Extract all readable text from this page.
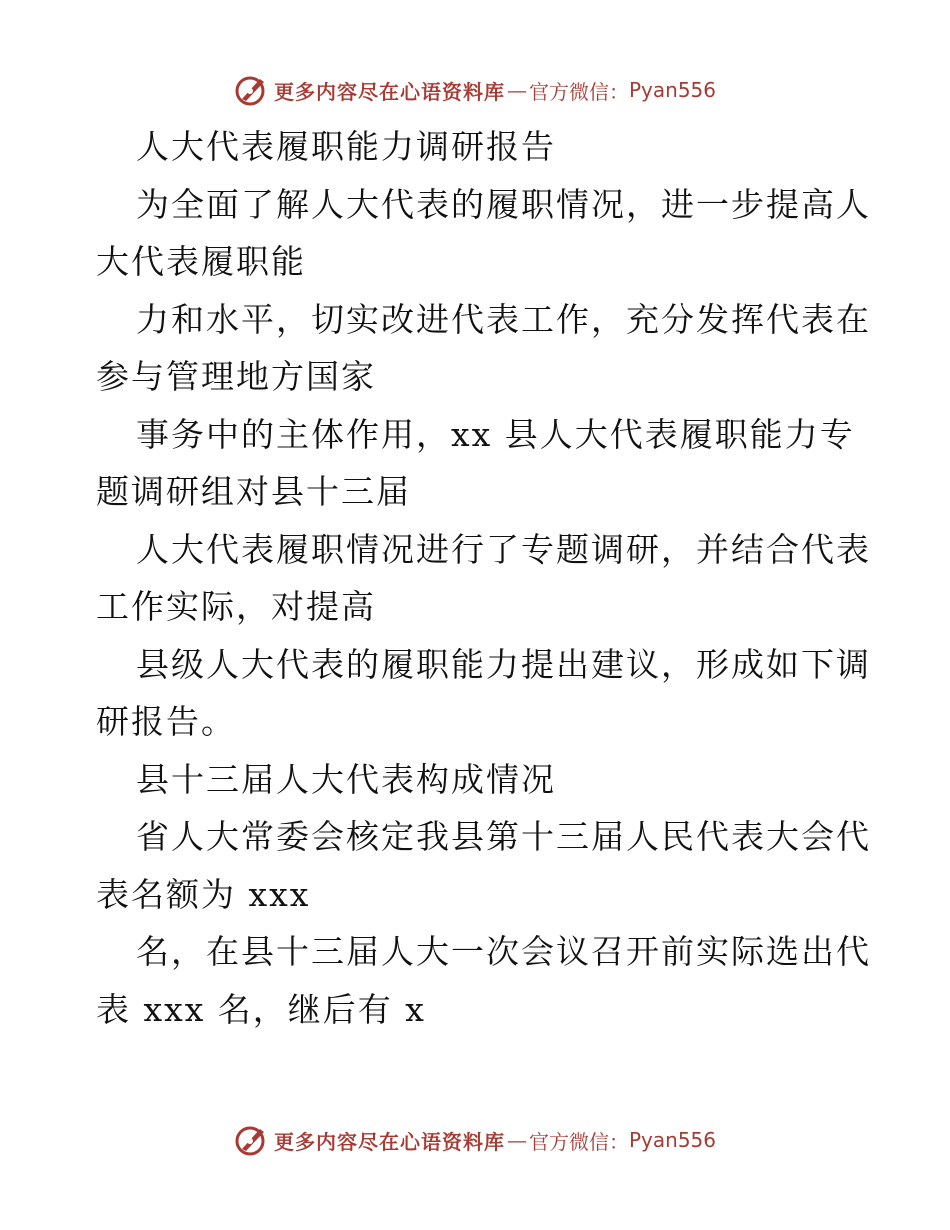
更多内容尽在心语资料库 — 官方微信： Pyan556
人大代表履职能力调研报告
为全面了解人大代表的履职情况，进一步提高人
大代表履职能
力和水平，切实改进代表工作，充分发挥代表在
参与管理地方国家
事务中的主体作用，xx 县人大代表履职能力专
题调研组对县十三届
人大代表履职情况进行了专题调研，并结合代表
工作实际，对提高
县级人大代表的履职能力提出建议，形成如下调
研报告。
县十三届人大代表构成情况
省人大常委会核定我县第十三届人民代表大会代
表名额为 xxx
名，在县十三届人大一次会议召开前实际选出代
表 xxx 名，继后有 x
更多内容尽在心语资料库 — 官方微信： Pyan556
